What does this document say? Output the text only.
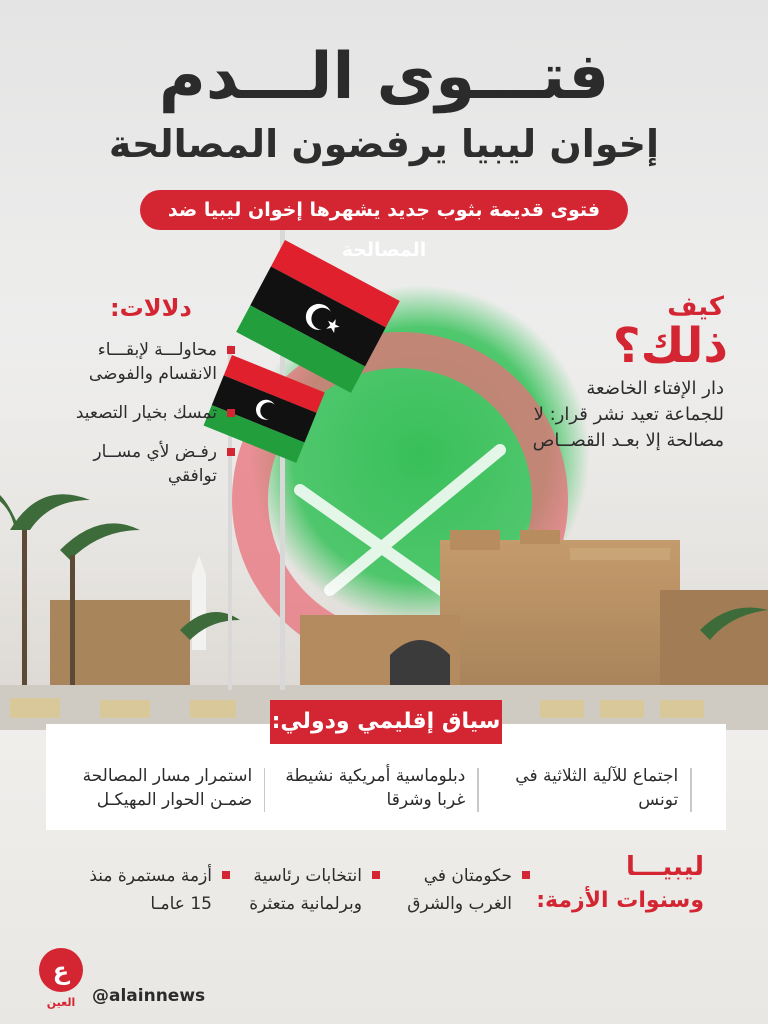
فتـــوى الـــدم
إخوان ليبيا يرفضون المصالحة
فتوى قديمة بثوب جديد يشهرها إخوان ليبيا ضد المصالحة
كيف
ذلك؟
دار الإفتاء الخاضعة للجماعة تعيد نشر قرار: لا مصالحة إلا بعـد القصــاص
دلالات:
محاولـــة لإبقـــاء الانقسام والفوضى
تمسك بخيار التصعيد
رفـض لأي مســار توافقي
سياق إقليمي ودولي:
اجتماع للآلية الثلاثية في تونس
دبلوماسية أمريكية نشيطة غربا وشرقا
استمرار مسار المصالحة ضمـن الحوار المهيكـل
ليبيـــا
وسنوات الأزمة:
حكومتان في الغرب والشرق
انتخابات رئاسية وبرلمانية متعثرة
أزمة مستمرة منذ 15 عامـا
ع
العين @alainnews
